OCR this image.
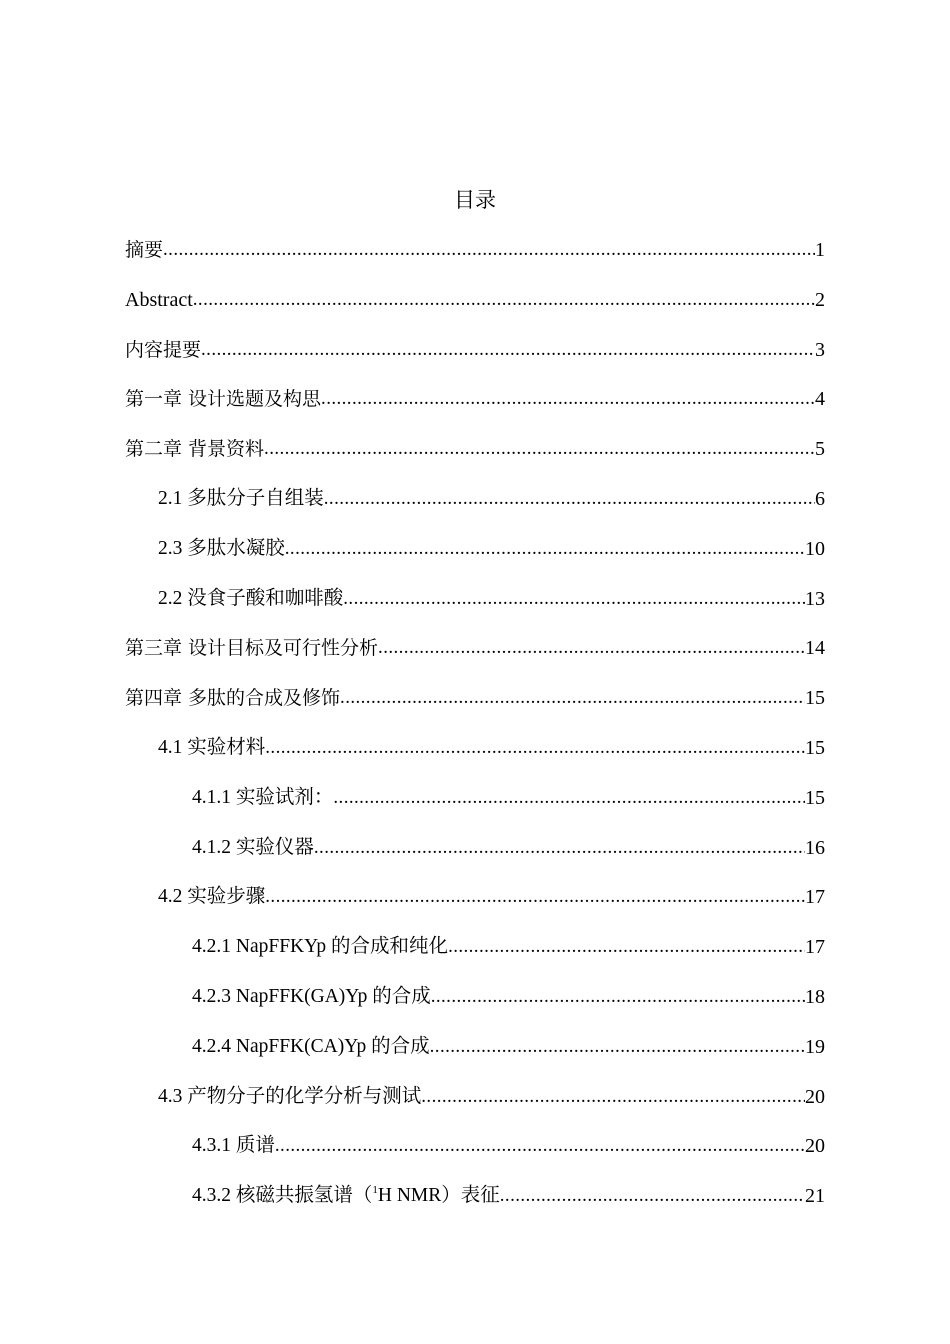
目录
摘要 .....	1
Abstract .....	2
内容提要 .....	3
第一章 设计选题及构思 .....	4
第二章 背景资料 .....	5
2.1 多肽分子自组装 .....	6
2.3 多肽水凝胶 .....	10
2.2 没食子酸和咖啡酸 .....	13
第三章 设计目标及可行性分析 .....	14
第四章 多肽的合成及修饰 .....	15
4.1 实验材料 .....	15
4.1.1 实验试剂： .....	15
4.1.2 实验仪器 .....	16
4.2 实验步骤 .....	17
4.2.1 NapFFKYp 的合成和纯化 .....	17
4.2.3 NapFFK(GA)Yp 的合成 .....	18
4.2.4 NapFFK(CA)Yp 的合成 .....	19
4.3 产物分子的化学分析与测试 .....	20
4.3.1 质谱 .....	20
4.3.2 核磁共振氢谱（$^1$H NMR）表征 .....	21
